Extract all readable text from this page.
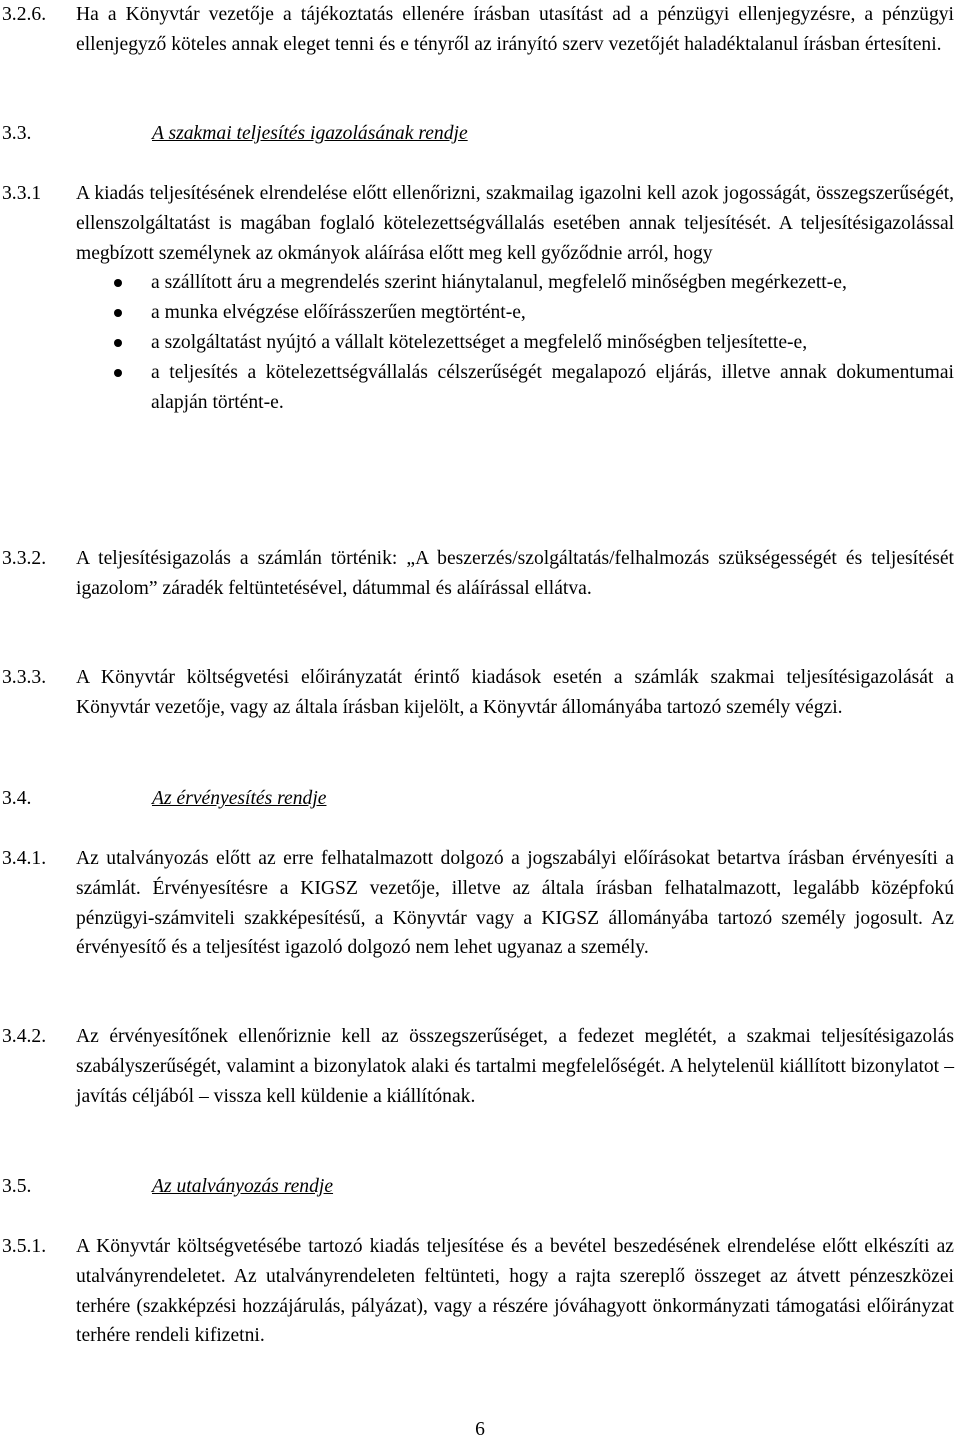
3.2.6. Ha a Könyvtár vezetője a tájékoztatás ellenére írásban utasítást ad a pénzügyi ellenjegyzésre, a pénzügyi ellenjegyző köteles annak eleget tenni és e tényről az irányító szerv vezetőjét haladéktalanul írásban értesíteni.
3.3.	A szakmai teljesítés igazolásának rendje
3.3.1 A kiadás teljesítésének elrendelése előtt ellenőrizni, szakmailag igazolni kell azok jogosságát, összegszerűségét, ellenszolgáltatást is magában foglaló kötelezettségvállalás esetében annak teljesítését. A teljesítésigazolással megbízott személynek az okmányok aláírása előtt meg kell győződnie arról, hogy
a szállított áru a megrendelés szerint hiánytalanul, megfelelő minőségben megérkezett-e,
a munka elvégzése előírásszerűen megtörtént-e,
a szolgáltatást nyújtó a vállalt kötelezettséget a megfelelő minőségben teljesítette-e,
a teljesítés a kötelezettségvállalás célszerűségét megalapozó eljárás, illetve annak dokumentumai alapján történt-e.
3.3.2. A teljesítésigazolás a számlán történik: „A beszerzés/szolgáltatás/felhalmozás szükségességét és teljesítését igazolom” záradék feltüntetésével, dátummal és aláírással ellátva.
3.3.3. A Könyvtár költségvetési előirányzatát érintő kiadások esetén a számlák szakmai teljesítésigazolását a Könyvtár vezetője, vagy az általa írásban kijelölt, a Könyvtár állományába tartozó személy végzi.
3.4.	Az érvényesítés rendje
3.4.1. Az utalványozás előtt az erre felhatalmazott dolgozó a jogszabályi előírásokat betartva írásban érvényesíti a számlát. Érvényesítésre a KIGSZ vezetője, illetve az általa írásban felhatalmazott, legalább középfokú pénzügyi-számviteli szakképesítésű, a Könyvtár vagy a KIGSZ állományába tartozó személy jogosult. Az érvényesítő és a teljesítést igazoló dolgozó nem lehet ugyanaz a személy.
3.4.2. Az érvényesítőnek ellenőriznie kell az összegszerűséget, a fedezet meglétét, a szakmai teljesítésigazolás szabályszerűségét, valamint a bizonylatok alaki és tartalmi megfelelőségét. A helytelenül kiállított bizonylatot – javítás céljából – vissza kell küldenie a kiállítónak.
3.5.	Az utalványozás rendje
3.5.1. A Könyvtár költségvetésébe tartozó kiadás teljesítése és a bevétel beszedésének elrendelése előtt elkészíti az utalványrendeletet. Az utalványrendeleten feltünteti, hogy a rajta szereplő összeget az átvett pénzeszközei terhére (szakképzési hozzájárulás, pályázat), vagy a részére jóváhagyott önkormányzati támogatási előirányzat terhére rendeli kifizetni.
6
